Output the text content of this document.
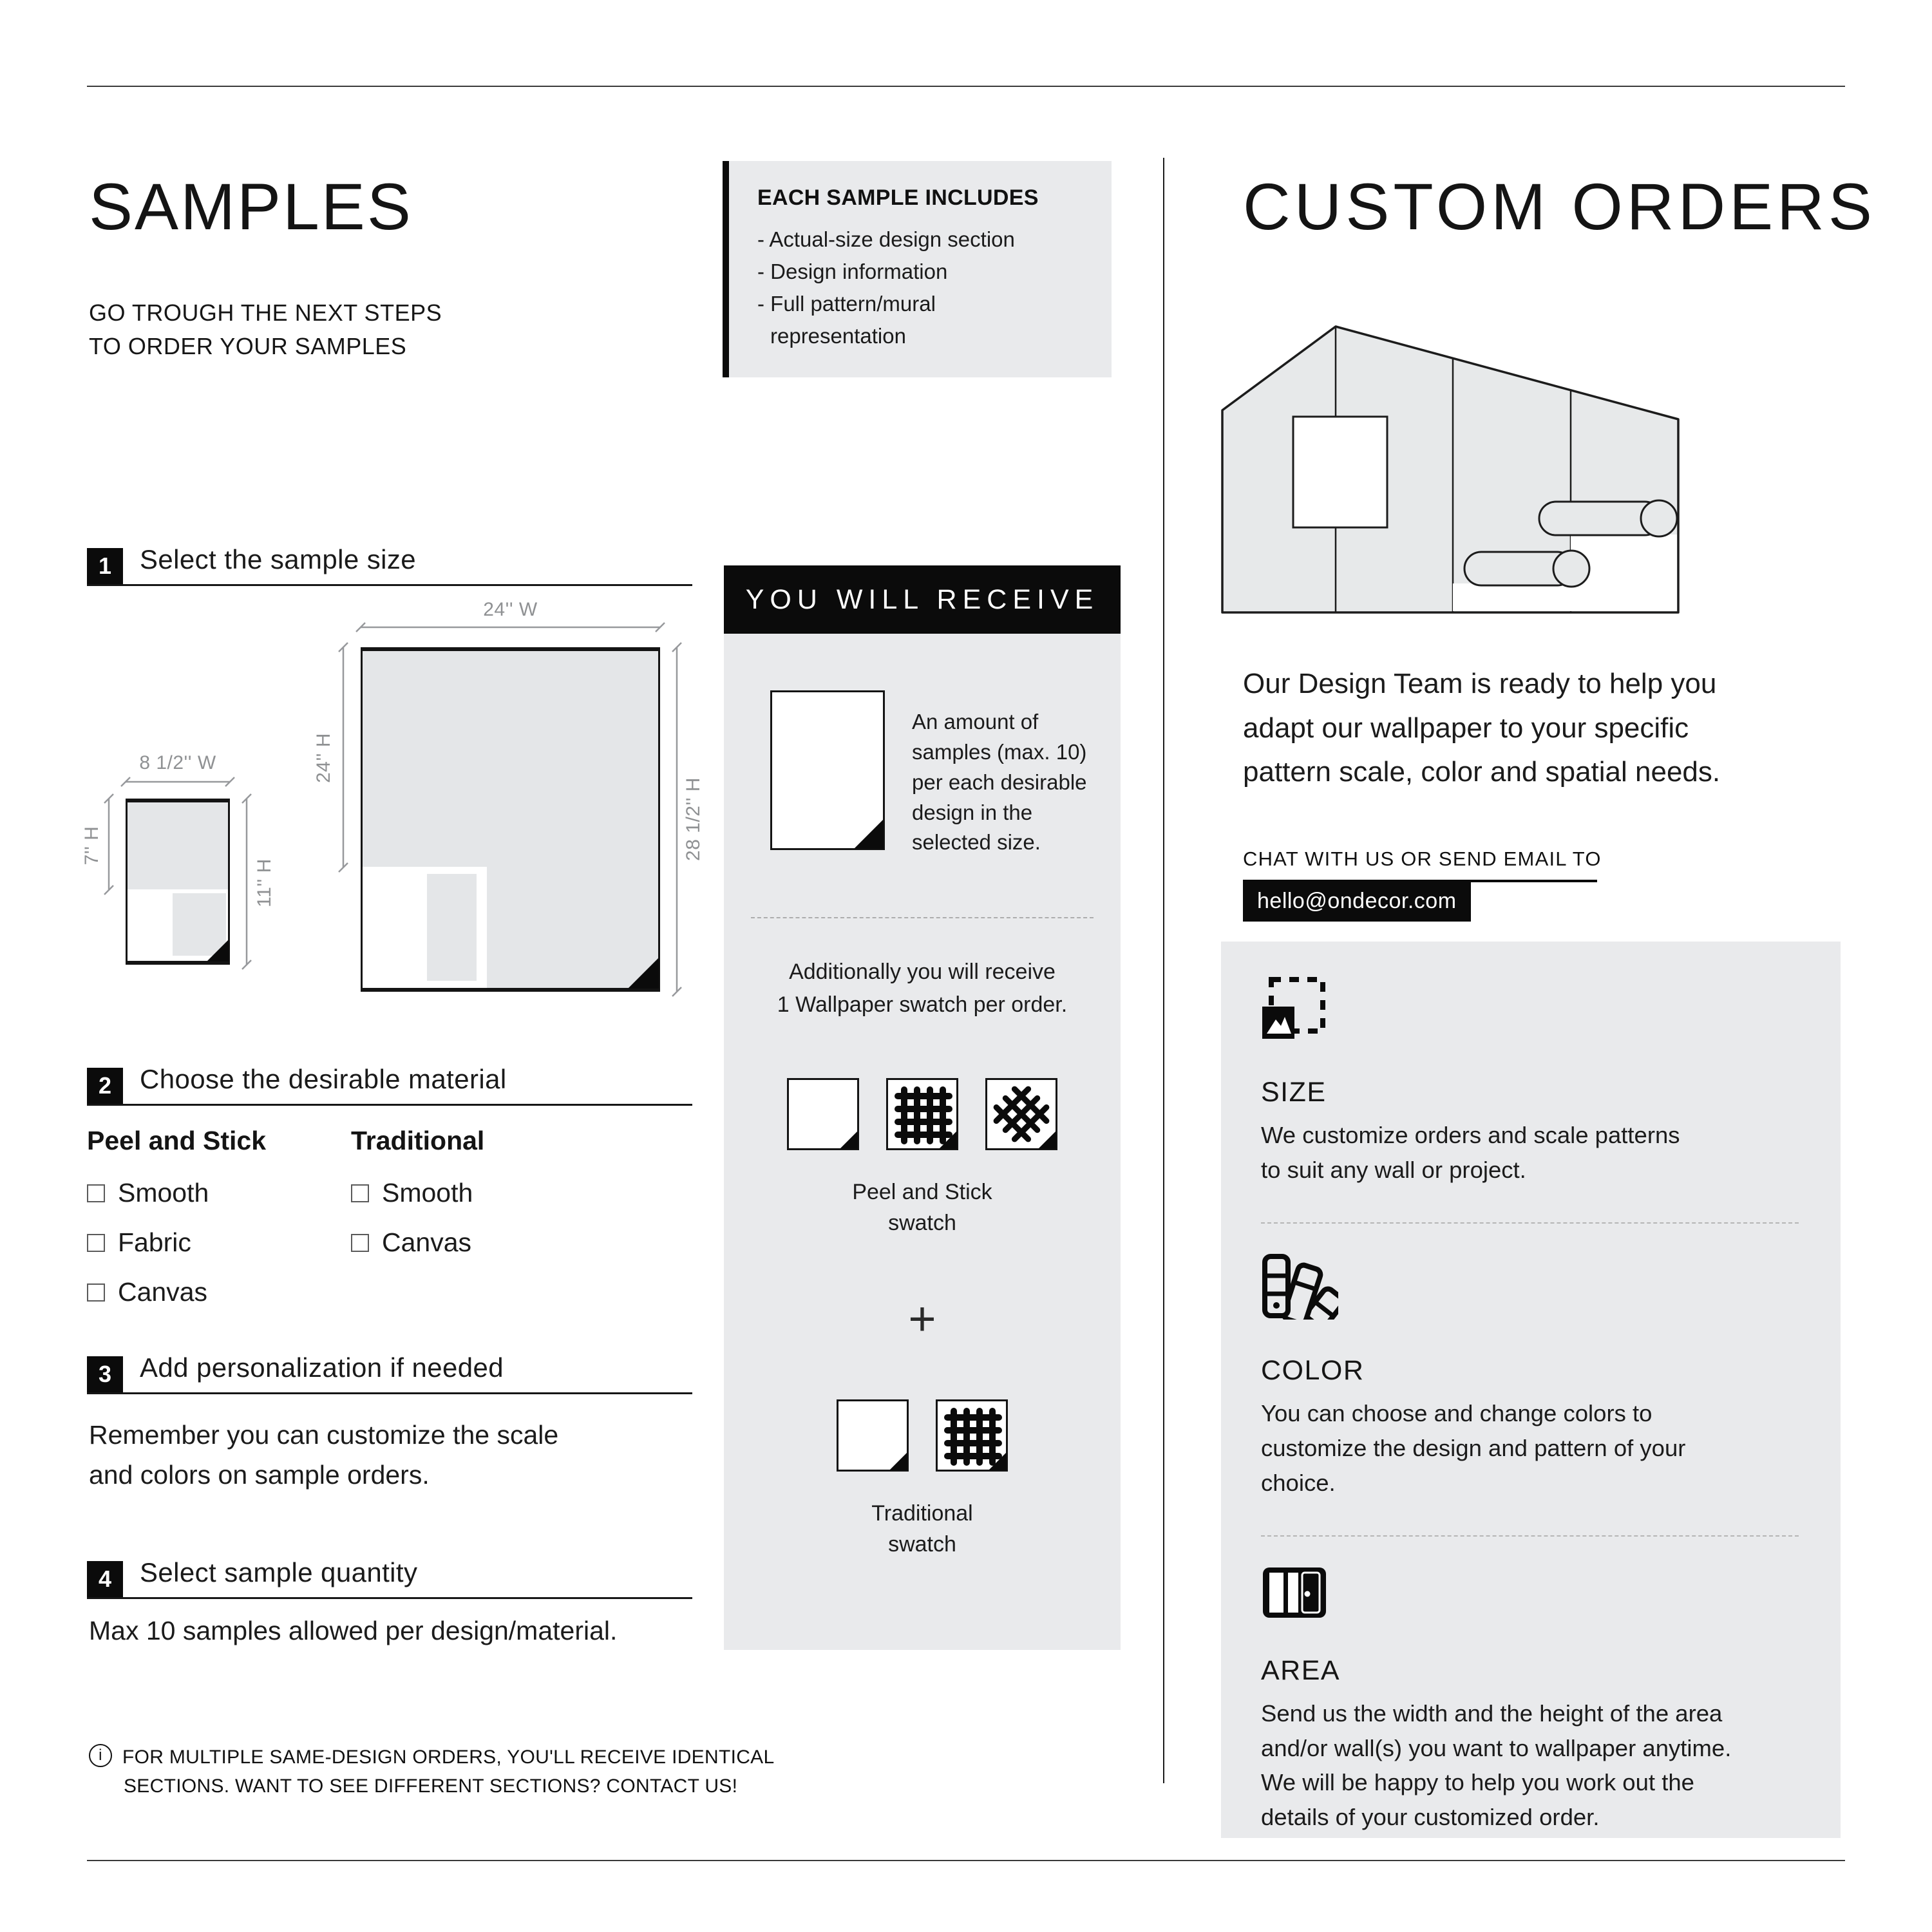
SAMPLES
GO TROUGH THE NEXT STEPS
TO ORDER YOUR SAMPLES
1	Select the sample size
24'' W
24'' H
28 1/2'' H
8 1/2'' W
7'' H
11'' H
2	Choose the desirable material
Peel and Stick
Smooth
Fabric
Canvas
Traditional
Smooth
Canvas
3	Add personalization if needed
Remember you can customize the scale
and colors on sample orders.
4	Select sample quantity
Max 10 samples allowed per design/material.
i	FOR MULTIPLE SAME-DESIGN ORDERS, YOU'LL RECEIVE IDENTICAL
SECTIONS. WANT TO SEE DIFFERENT SECTIONS? CONTACT US!
EACH SAMPLE INCLUDES
- Actual-size design section
- Design information
- Full pattern/mural
representation
YOU WILL RECEIVE
An amount of
samples (max. 10)
per each desirable
design in the
selected size.
Additionally you will receive
1 Wallpaper swatch per order.
Peel and Stick
swatch
+
Traditional
swatch
CUSTOM ORDERS
Our Design Team is ready to help you
adapt our wallpaper to your specific
pattern scale, color and spatial needs.
CHAT WITH US OR SEND EMAIL TO
hello@ondecor.com
SIZE
We customize orders and scale patterns
to suit any wall or project.
COLOR
You can choose and change colors to
customize the design and pattern of your
choice.
AREA
Send us the width and the height of the area
and/or wall(s) you want to wallpaper anytime.
We will be happy to help you work out the
details of your customized order.
